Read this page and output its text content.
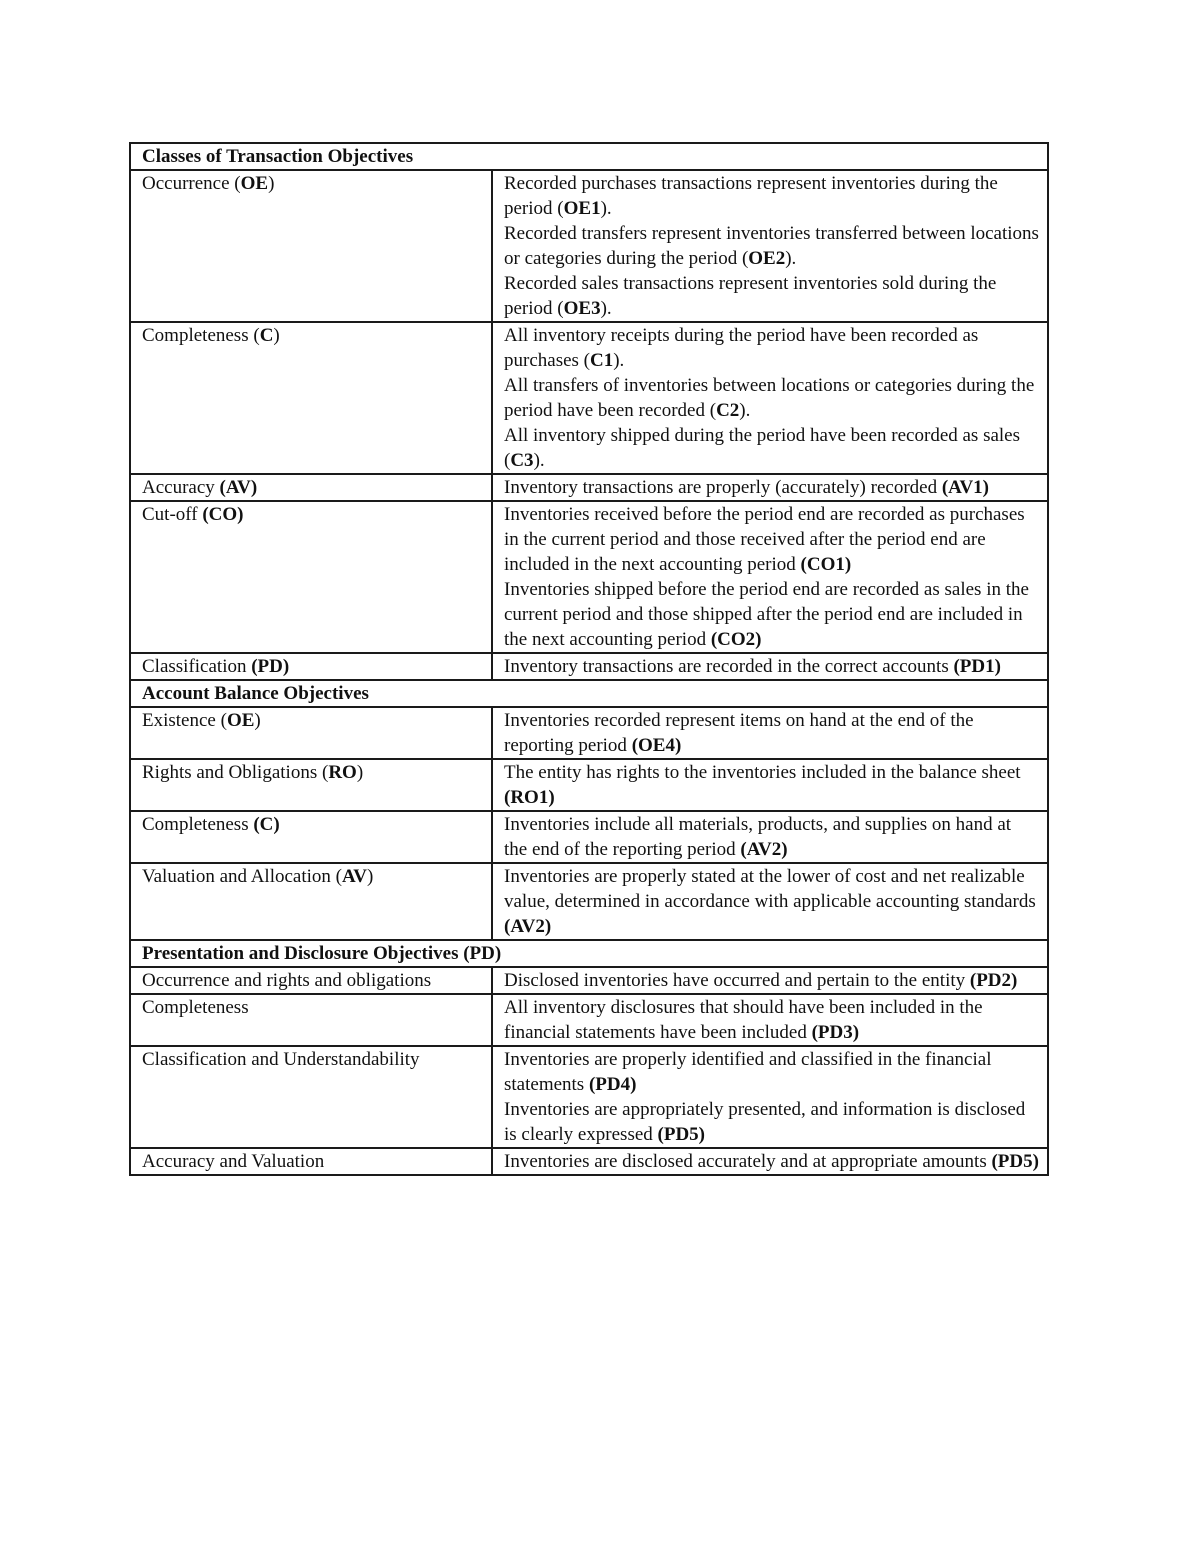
Classes of Transaction Objectives	
Occurrence (OE)	Recorded purchases transactions represent inventories during the period (OE1).
Recorded transfers represent inventories transferred between locations or categories during the period (OE2).
Recorded sales transactions represent inventories sold during the period (OE3).

Completeness (C)	All inventory receipts during the period have been recorded as purchases (C1).
All transfers of inventories between locations or categories during the period have been recorded (C2).
All inventory shipped during the period have been recorded as sales (C3).

Accuracy (AV)	Inventory transactions are properly (accurately) recorded (AV1)

Cut-off (CO)	Inventories received before the period end are recorded as purchases in the current period and those received after the period end are included in the next accounting period (CO1)
Inventories shipped before the period end are recorded as sales in the current period and those shipped after the period end are included in the next accounting period (CO2)

Classification (PD)	Inventory transactions are recorded in the correct accounts (PD1)

Account Balance Objectives	
Existence (OE)	Inventories recorded represent items on hand at the end of the reporting period (OE4)

Rights and Obligations (RO)	The entity has rights to the inventories included in the balance sheet (RO1)

Completeness (C)	Inventories include all materials, products, and supplies on hand at the end of the reporting period (AV2)

Valuation and Allocation (AV)	Inventories are properly stated at the lower of cost and net realizable value, determined in accordance with applicable accounting standards (AV2)

Presentation and Disclosure Objectives (PD)	
Occurrence and rights and obligations	Disclosed inventories have occurred and pertain to the entity (PD2)

Completeness	All inventory disclosures that should have been included in the financial statements have been included (PD3)

Classification and Understandability	Inventories are properly identified and classified in the financial statements (PD4)
Inventories are appropriately presented, and information is disclosed is clearly expressed (PD5)

Accuracy and Valuation	Inventories are disclosed accurately and at appropriate amounts (PD5)
